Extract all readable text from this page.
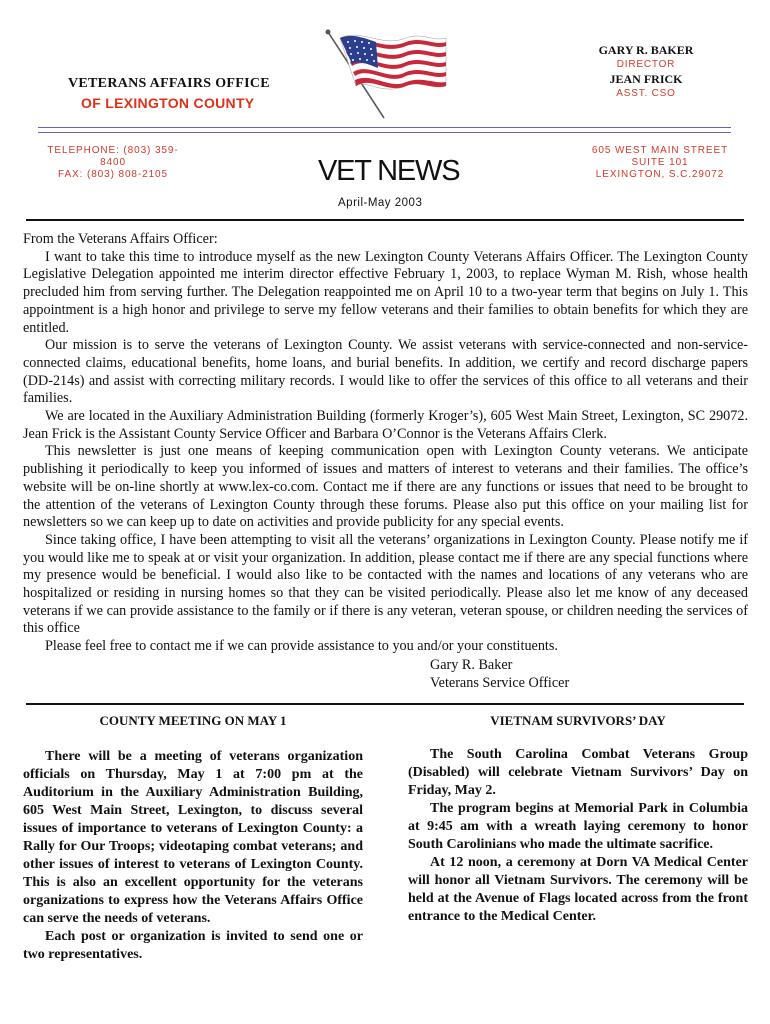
VETERANS AFFAIRS OFFICE
OF LEXINGTON COUNTY
GARY R. BAKER
DIRECTOR
JEAN FRICK
ASST. CSO
TELEPHONE: (803) 359-8400
FAX: (803) 808-2105	VET NEWS
April-May 2003
605 WEST MAIN STREET
SUITE 101
LEXINGTON, S.C.29072

From the Veterans Affairs Officer:

I want to take this time to introduce myself as the new Lexington County Veterans Affairs Officer. The Lexington County Legislative Delegation appointed me interim director effective February 1, 2003, to replace Wyman M. Rish, whose health precluded him from serving further. The Delegation reappointed me on April 10 to a two-year term that begins on July 1. This appointment is a high honor and privilege to serve my fellow veterans and their families to obtain benefits for which they are entitled.

Our mission is to serve the veterans of Lexington County. We assist veterans with service-connected and non-service-connected claims, educational benefits, home loans, and burial benefits. In addition, we certify and record discharge papers (DD-214s) and assist with correcting military records. I would like to offer the services of this office to all veterans and their families.

We are located in the Auxiliary Administration Building (formerly Kroger’s), 605 West Main Street, Lexington, SC 29072. Jean Frick is the Assistant County Service Officer and Barbara O’Connor is the Veterans Affairs Clerk.

This newsletter is just one means of keeping communication open with Lexington County veterans. We anticipate publishing it periodically to keep you informed of issues and matters of interest to veterans and their families. The office’s website will be on-line shortly at www.lex-co.com. Contact me if there are any functions or issues that need to be brought to the attention of the veterans of Lexington County through these forums. Please also put this office on your mailing list for newsletters so we can keep up to date on activities and provide publicity for any special events.

Since taking office, I have been attempting to visit all the veterans’ organizations in Lexington County. Please notify me if you would like me to speak at or visit your organization. In addition, please contact me if there are any special functions where my presence would be beneficial. I would also like to be contacted with the names and locations of any veterans who are hospitalized or residing in nursing homes so that they can be visited periodically. Please also let me know of any deceased veterans if we can provide assistance to the family or if there is any veteran, veteran spouse, or children needing the services of this office

Please feel free to contact me if we can provide assistance to you and/or your constituents.

Gary R. Baker
Veterans Service Officer
COUNTY MEETING ON MAY 1	VIETNAM SURVIVORS’ DAY

There will be a meeting of veterans organization officials on Thursday, May 1 at 7:00 pm at the Auditorium in the Auxiliary Administration Building, 605 West Main Street, Lexington, to discuss several issues of importance to veterans of Lexington County: a Rally for Our Troops; videotaping combat veterans; and other issues of interest to veterans of Lexington County. This is also an excellent opportunity for the veterans organizations to express how the Veterans Affairs Office can serve the needs of veterans.

Each post or organization is invited to send one or two representatives.

The South Carolina Combat Veterans Group (Disabled) will celebrate Vietnam Survivors’ Day on Friday, May 2.

The program begins at Memorial Park in Columbia at 9:45 am with a wreath laying ceremony to honor South Carolinians who made the ultimate sacrifice.

At 12 noon, a ceremony at Dorn VA Medical Center will honor all Vietnam Survivors. The ceremony will be held at the Avenue of Flags located across from the front entrance to the Medical Center.
